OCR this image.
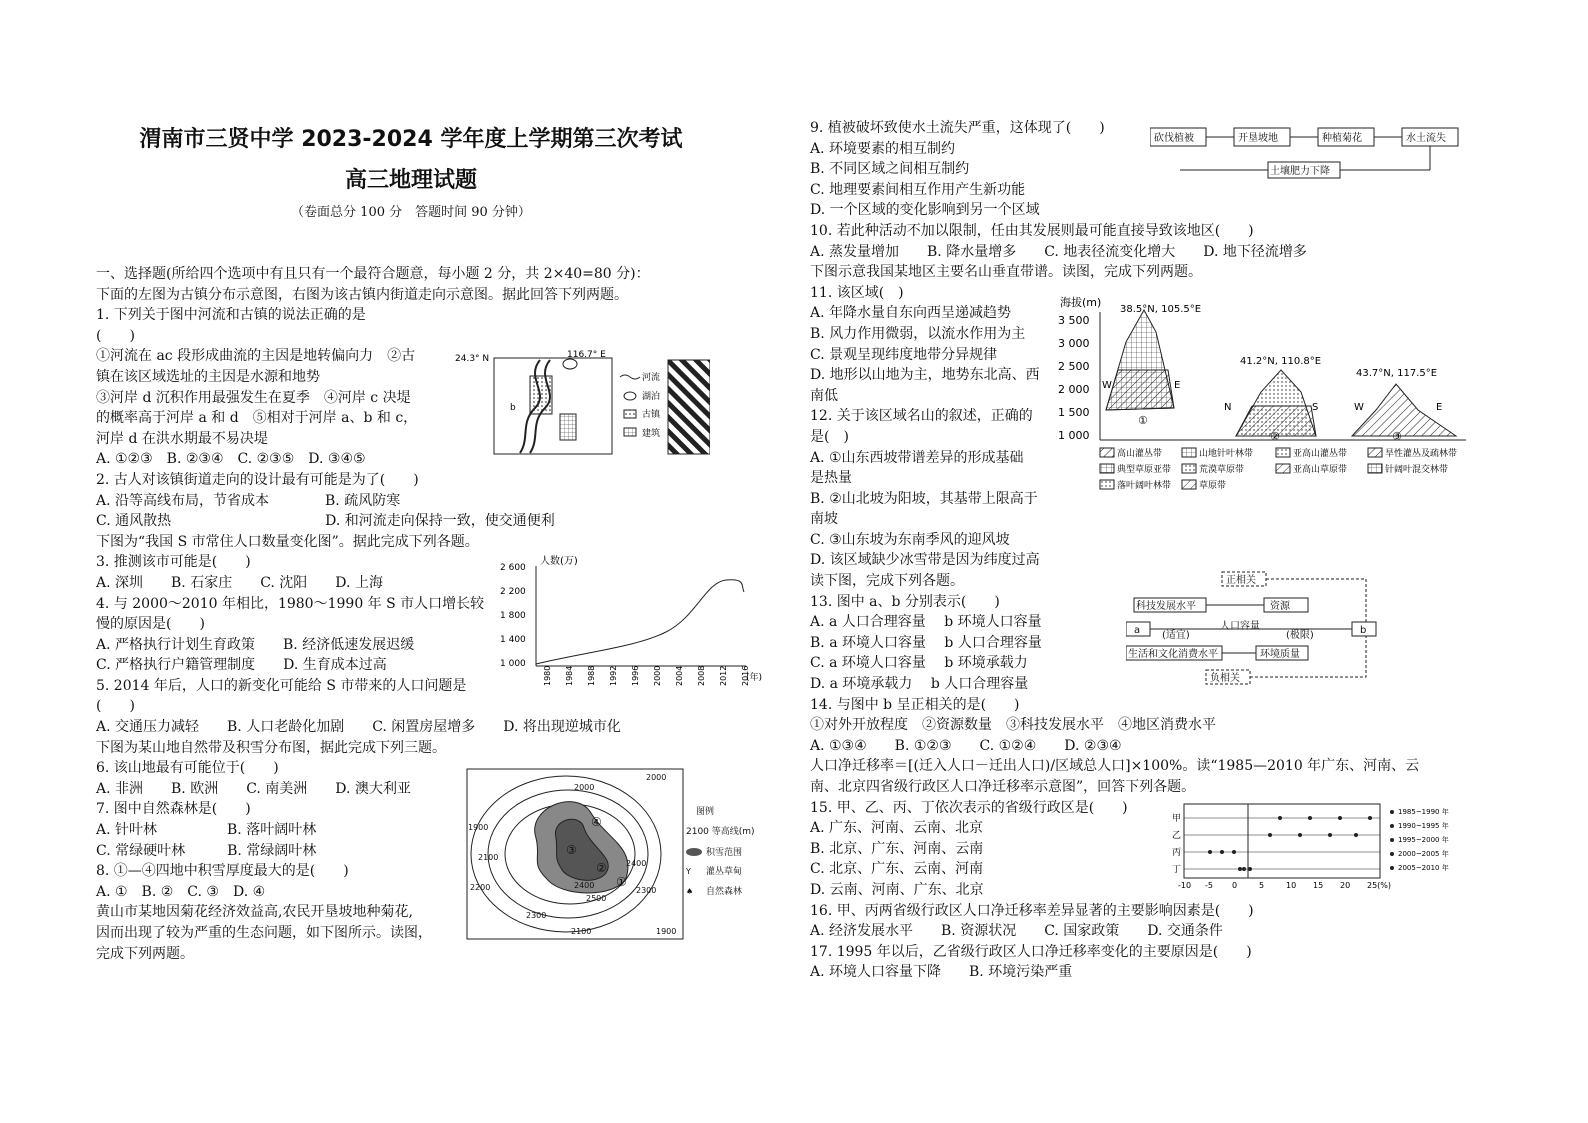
渭南市三贤中学 2023-2024 学年度上学期第三次考试
高三地理试题
（卷面总分 100 分　答题时间 90 分钟）
一、选择题(所给四个选项中有且只有一个最符合题意，每小题 2 分，共 2×40=80 分)：
下面的左图为古镇分布示意图，右图为该古镇内街道走向示意图。据此回答下列两题。
1. 下列关于图中河流和古镇的说法正确的是
(　　)
①河流在 ac 段形成曲流的主因是地转偏向力　②古
镇在该区域选址的主因是水源和地势
③河岸 d 沉积作用最强发生在夏季　④河岸 c 决堤
的概率高于河岸 a 和 d　⑤相对于河岸 a、b 和 c，
河岸 d 在洪水期最不易决堤
A. ①②③　B. ②③④　C. ②③⑤　D. ③④⑤
2. 古人对该镇街道走向的设计最有可能是为了(　　)
A. 沿等高线布局，节省成本　　　　B. 疏风防寒
C. 通风散热　　　　　　　　　　　D. 和河流走向保持一致，使交通便利
下图为“我国 S 市常住人口数量变化图”。据此完成下列各题。
3. 推测该市可能是(　　)
A. 深圳　　B. 石家庄　　C. 沈阳　　D. 上海
4. 与 2000～2010 年相比，1980～1990 年 S 市人口增长较
慢的原因是(　　)
A. 严格执行计划生育政策　　B. 经济低速发展迟缓
C. 严格执行户籍管理制度　　D. 生育成本过高
5. 2014 年后，人口的新变化可能给 S 市带来的人口问题是
(　　)
A. 交通压力减轻　　B. 人口老龄化加剧　　C. 闲置房屋增多　　D. 将出现逆城市化
下图为某山地自然带及积雪分布图，据此完成下列三题。
6. 该山地最有可能位于(　　)
A. 非洲　　B. 欧洲　　C. 南美洲　　D. 澳大利亚
7. 图中自然森林是(　　)
A. 针叶林　　　　　B. 落叶阔叶林
C. 常绿硬叶林　　　B. 常绿阔叶林
8. ①—④四地中积雪厚度最大的是(　　)
A. ①　B. ②　C. ③　D. ④
黄山市某地因菊花经济效益高,农民开垦坡地种菊花,
因而出现了较为严重的生态问题，如下图所示。读图，
完成下列两题。
9. 植被破坏致使水土流失严重，这体现了(　　)
A. 环境要素的相互制约
B. 不同区域之间相互制约
C. 地理要素间相互作用产生新功能
D. 一个区域的变化影响到另一个区域
10. 若此种活动不加以限制，任由其发展则最可能直接导致该地区(　　)
A. 蒸发量增加　　B. 降水量增多　　C. 地表径流变化增大　　D. 地下径流增多
下图示意我国某地区主要名山垂直带谱。读图，完成下列两题。
11. 该区域(　)
A. 年降水量自东向西呈递减趋势
B. 风力作用微弱，以流水作用为主
C. 景观呈现纬度地带分异规律
D. 地形以山地为主，地势东北高、西
南低
12. 关于该区域名山的叙述，正确的
是(　)
A. ①山东西坡带谱差异的形成基础
是热量
B. ②山北坡为阳坡，其基带上限高于
南坡
C. ③山东坡为东南季风的迎风坡
D. 该区域缺少冰雪带是因为纬度过高
读下图，完成下列各题。
13. 图中 a、b 分别表示(　　)
A. a 人口合理容量　 b 环境人口容量
B. a 环境人口容量　 b 人口合理容量
C. a 环境人口容量　 b 环境承载力
D. a 环境承载力　 b 人口合理容量
14. 与图中 b 呈正相关的是(　　)
①对外开放程度　②资源数量　③科技发展水平　④地区消费水平
A. ①③④　　B. ①②③　　C. ①②④　　D. ②③④
人口净迁移率＝[(迁入人口－迁出人口)/区域总人口]×100%。读“1985—2010 年广东、河南、云
南、北京四省级行政区人口净迁移率示意图”，回答下列各题。
15. 甲、乙、丙、丁依次表示的省级行政区是(　　)
A. 广东、河南、云南、北京
B. 北京、广东、河南、云南
C. 北京、广东、云南、河南
D. 云南、河南、广东、北京
16. 甲、丙两省级行政区人口净迁移率差异显著的主要影响因素是(　　)
A. 经济发展水平　　B. 资源状况　　C. 国家政策　　D. 交通条件
17. 1995 年以后，乙省级行政区人口净迁移率变化的主要原因是(　　)
A. 环境人口容量下降　　B. 环境污染严重
116.7° E
24.3° N
b
河流
湖泊
古镇
建筑
人数(万)
2 600
2 200
1 800
1 400
1 000
1980 1984 1988 1992 1996 2000 2004 2008 2012 2016
(年)
2000
2000
1900
2100
2200	2400
2300
2100	1900
2400
2500
2300
①
②
③
④
图例
2100 等高线(m)
积雪范围
Y 灌丛草甸
♠ 自然森林
砍伐植被	开垦坡地	种植菊花	水土流失
土壤肥力下降
海拔(m)
3 500
3 000
2 500
2 000
1 500
1 000
38.5°N, 105.5°E
41.2°N, 110.8°E
43.7°N, 117.5°E
W	E
N	S	W	E
①
②	③
高山灌丛带	山地针叶林带	亚高山灌丛带	旱性灌丛及疏林带
典型草原亚带	荒漠草原带	亚高山草原带	针阔叶混交林带
落叶阔叶林带	草原带
正相关
科技发展水平	资源
a	人口容量	b
生活和文化消费水平	环境质量
负相关
(适宜)	(极限)
甲
乙
丙
丁
-10 -5 0	5	10 15 20 25(%)
1985~1990 年
1990~1995 年
1995~2000 年
2000~2005 年
2005~2010 年
